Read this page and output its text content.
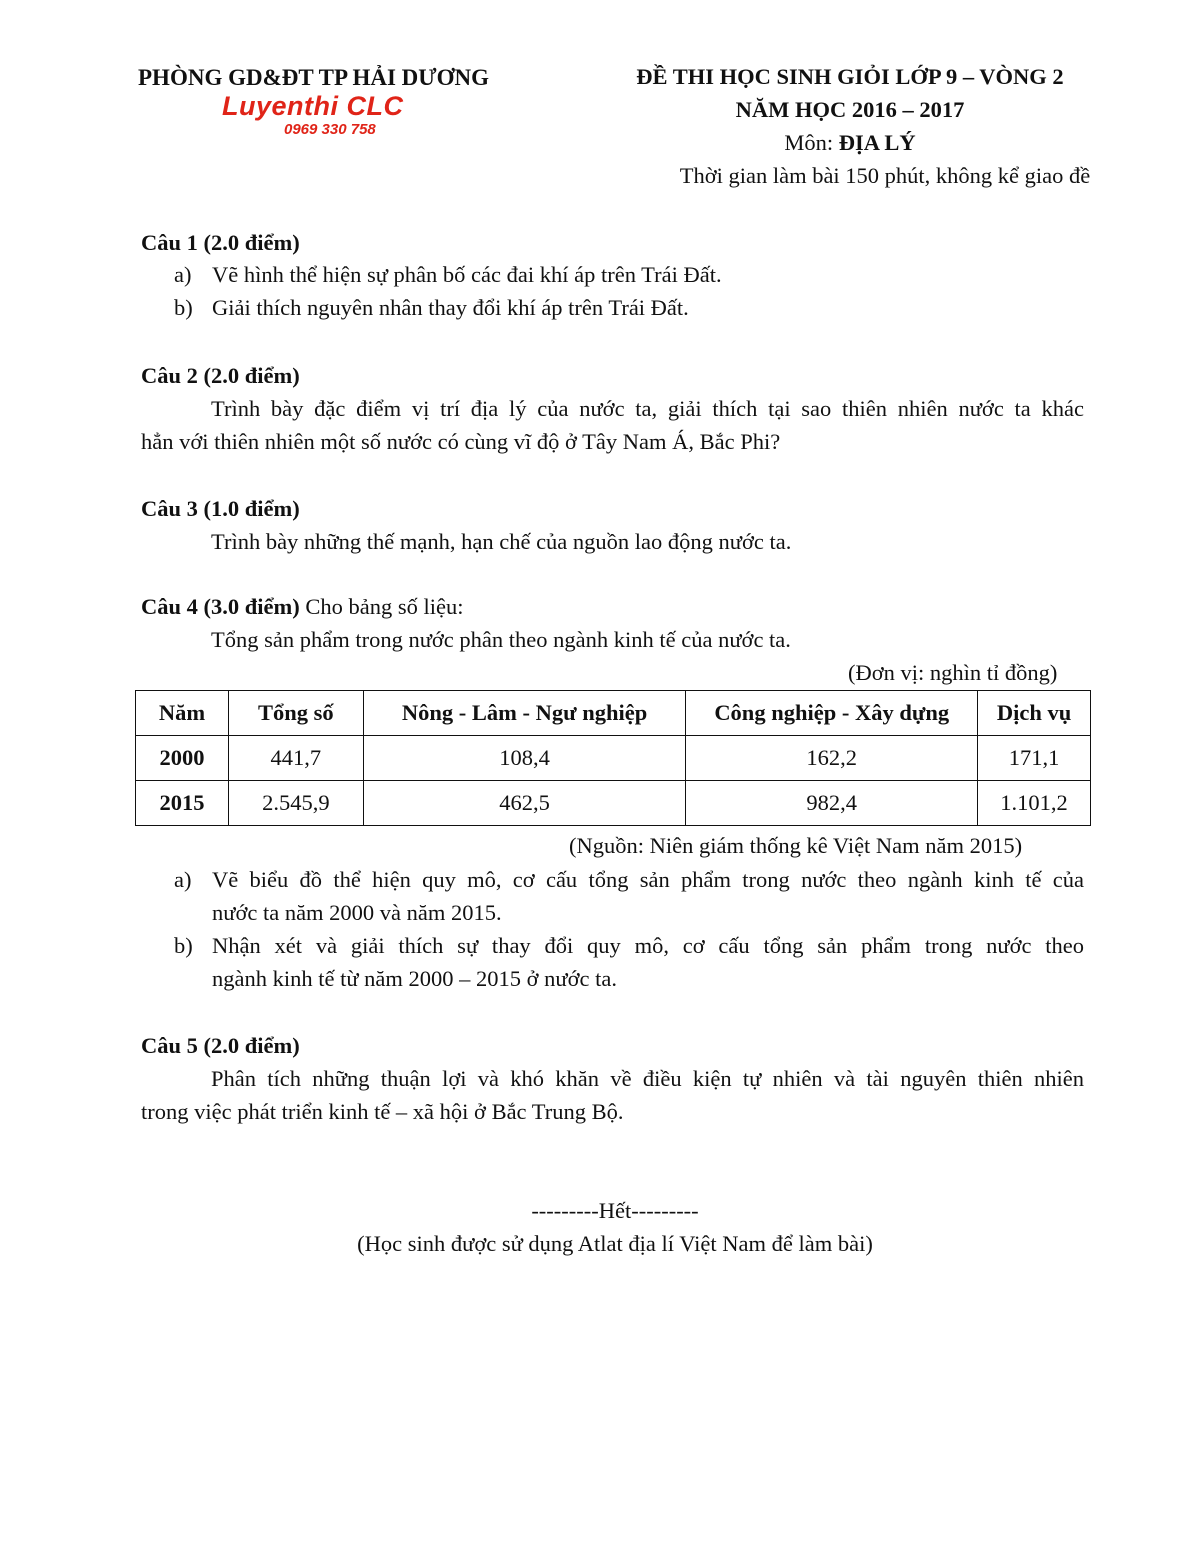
PHÒNG GD&ĐT TP HẢI DƯƠNG
Luyenthi CLC
0969 330 758
ĐỀ THI HỌC SINH GIỎI LỚP 9 – VÒNG 2
NĂM HỌC 2016 – 2017
Môn: ĐỊA LÝ
Thời gian làm bài 150 phút, không kể giao đề
Câu 1 (2.0 điểm)
a) Vẽ hình thể hiện sự phân bố các đai khí áp trên Trái Đất.
b) Giải thích nguyên nhân thay đổi khí áp trên Trái Đất.
Câu 2 (2.0 điểm)
Trình bày đặc điểm vị trí địa lý của nước ta, giải thích tại sao thiên nhiên nước ta khác
hẳn với thiên nhiên một số nước có cùng vĩ độ ở Tây Nam Á, Bắc Phi?
Câu 3 (1.0 điểm)
Trình bày những thế mạnh, hạn chế của nguồn lao động nước ta.
Câu 4 (3.0 điểm) Cho bảng số liệu:
Tổng sản phẩm trong nước phân theo ngành kinh tế của nước ta.
(Đơn vị: nghìn tỉ đồng)
Năm	Tổng số	Nông - Lâm - Ngư nghiệp	Công nghiệp - Xây dựng	Dịch vụ
2000	441,7	108,4	162,2	171,1
2015	2.545,9	462,5	982,4	1.101,2
(Nguồn: Niên giám thống kê Việt Nam năm 2015)
a) Vẽ biểu đồ thể hiện quy mô, cơ cấu tổng sản phẩm trong nước theo ngành kinh tế của
nước ta năm 2000 và năm 2015.
b) Nhận xét và giải thích sự thay đổi quy mô, cơ cấu tổng sản phẩm trong nước theo
ngành kinh tế từ năm 2000 – 2015 ở nước ta.
Câu 5 (2.0 điểm)
Phân tích những thuận lợi và khó khăn về điều kiện tự nhiên và tài nguyên thiên nhiên
trong việc phát triển kinh tế – xã hội ở Bắc Trung Bộ.
---------Hết---------
(Học sinh được sử dụng Atlat địa lí Việt Nam để làm bài)
